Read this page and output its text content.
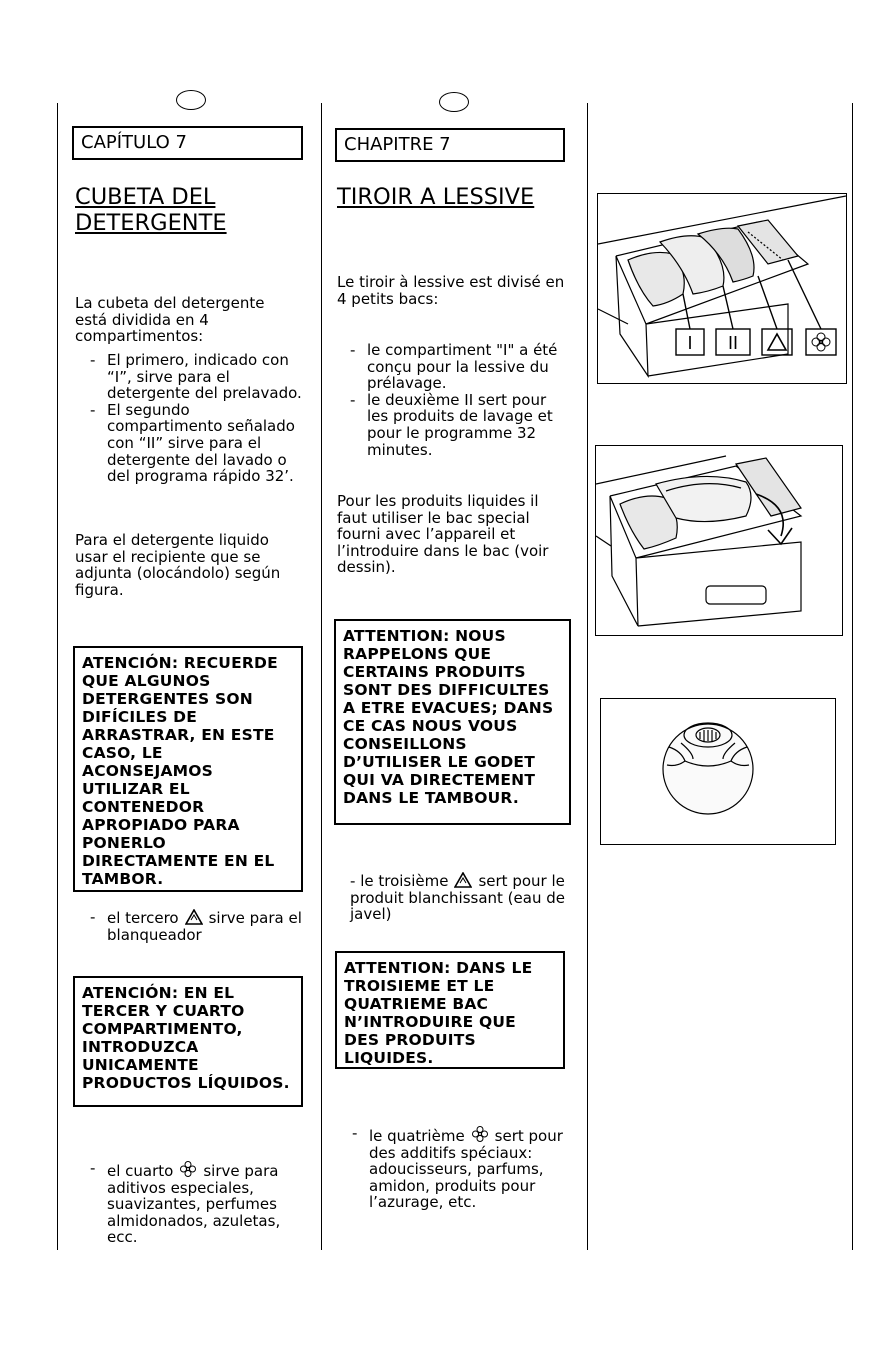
CAPÍTULO 7
CUBETA DEL
DETERGENTE

La cubeta del detergente está dividida en 4 compartimentos:

- El primero, indicado con “I”, sirve para el detergente del prelavado.
- El segundo compartimento señalado con “II” sirve para el detergente del lavado o del programa rápido 32’.

Para el detergente liquido usar el recipiente que se adjunta (olocándolo) según figura.

ATENCIÓN: RECUERDE QUE ALGUNOS DETERGENTES SON DIFÍCILES DE ARRASTRAR, EN ESTE CASO, LE ACONSEJAMOS UTILIZAR EL CONTENEDOR APROPIADO PARA PONERLO DIRECTAMENTE EN EL TAMBOR.
- el tercero sirve para el blanqueador
ATENCIÓN: EN EL TERCER Y CUARTO COMPARTIMENTO, INTRODUZCA UNICAMENTE PRODUCTOS LÍQUIDOS.
- el cuarto sirve para aditivos especiales, suavizantes, perfumes almidonados, azuletas, ecc.
CHAPITRE 7
TIROIR A LESSIVE

Le tiroir à lessive est divisé en 4 petits bacs:

- le compartiment "I" a été conçu pour la lessive du prélavage.
- le deuxième II sert pour les produits de lavage et pour le programme 32 minutes.

Pour les produits liquides il faut utiliser le bac special fourni avec l’appareil et l’introduire dans le bac (voir dessin).

ATTENTION: NOUS RAPPELONS QUE CERTAINS PRODUITS SONT DES DIFFICULTES A ETRE EVACUES; DANS CE CAS NOUS VOUS CONSEILLONS D’UTILISER LE GODET QUI VA DIRECTEMENT DANS LE TAMBOUR.
- le troisième sert pour le produit blanchissant (eau de javel)
ATTENTION: DANS LE TROISIEME ET LE QUATRIEME BAC N’INTRODUIRE QUE DES PRODUITS LIQUIDES.
- le quatrième sert pour des additifs spéciaux: adoucisseurs, parfums, amidon, produits pour l’azurage, etc.
I II
